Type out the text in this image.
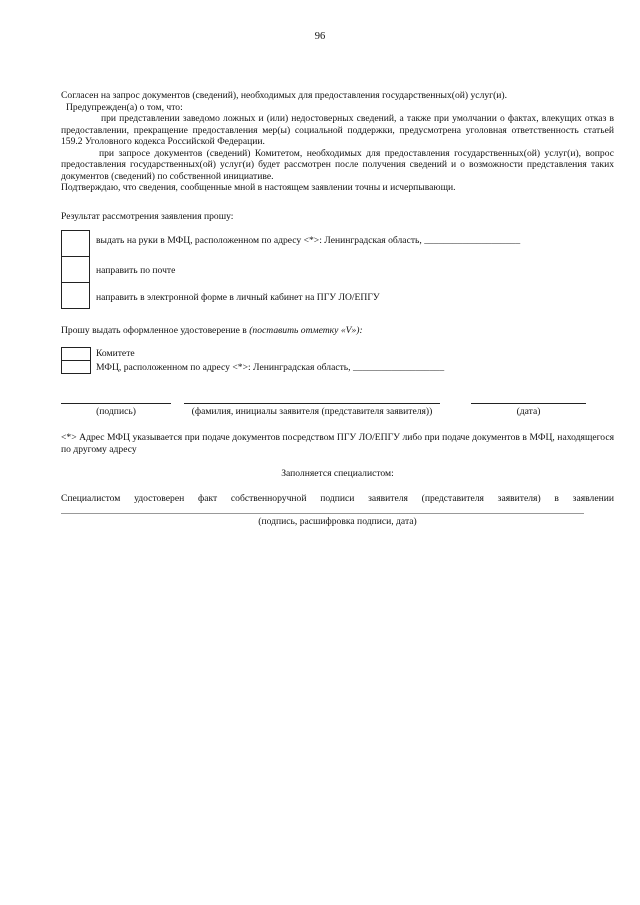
96

Согласен на запрос документов (сведений), необходимых для предоставления государственных(ой) услуг(и).

Предупрежден(а) о том, что:

при представлении заведомо ложных и (или) недостоверных сведений, а также при умолчании о фактах, влекущих отказ в предоставлении, прекращение предоставления мер(ы) социальной поддержки, предусмотрена уголовная ответственность статьей 159.2 Уголовного кодекса Российской Федерации.

при запросе документов (сведений) Комитетом, необходимых для предоставления государственных(ой) услуг(и), вопрос предоставления государственных(ой) услуг(и) будет рассмотрен после получения сведений и о возможности представления таких документов (сведений) по собственной инициативе.

Подтверждаю, что сведения, сообщенные мной в настоящем заявлении точны и исчерпывающи.

Результат рассмотрения заявления прошу:
выдать на руки в МФЦ, расположенном по адресу <*>: Ленинградская область, ____________________
направить по почте
направить в электронной форме в личный кабинет на ПГУ ЛО/ЕПГУ
Прошу выдать оформленное удостоверение в (поставить отметку «V»):
Комитете
МФЦ, расположенном по адресу <*>: Ленинградская область, ___________________
(подпись)	(фамилия, инициалы заявителя (представителя заявителя))	(дата)
<*> Адрес МФЦ указывается при подаче документов посредством ПГУ ЛО/ЕПГУ либо при подаче документов в МФЦ, находящегося по другому адресу
Заполняется специалистом:
Специалистом удостоверен факт собственноручной подписи заявителя (представителя заявителя) в заявлении
(подпись, расшифровка подписи, дата)
